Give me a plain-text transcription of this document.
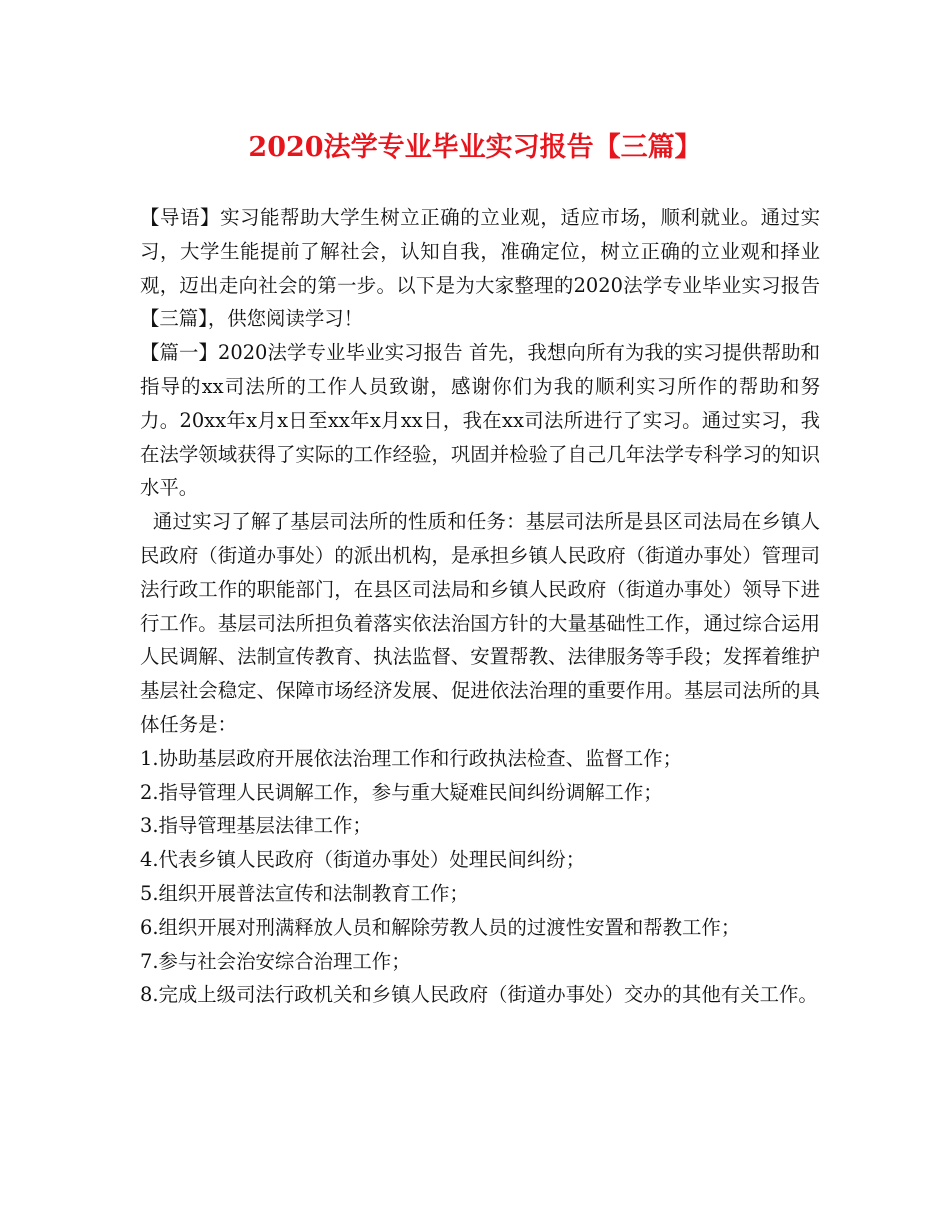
2020法学专业毕业实习报告【三篇】

【导语】实习能帮助大学生树立正确的立业观，适应市场，顺利就业。通过实习，大学生能提前了解社会，认知自我，准确定位，树立正确的立业观和择业观，迈出走向社会的第一步。以下是为大家整理的2020法学专业毕业实习报告【三篇】，供您阅读学习！

【篇一】2020法学专业毕业实习报告 首先，我想向所有为我的实习提供帮助和指导的xx司法所的工作人员致谢，感谢你们为我的顺利实习所作的帮助和努力。20xx年x月x日至xx年x月xx日，我在xx司法所进行了实习。通过实习，我在法学领域获得了实际的工作经验，巩固并检验了自己几年法学专科学习的知识水平。

通过实习了解了基层司法所的性质和任务：基层司法所是县区司法局在乡镇人民政府（街道办事处）的派出机构，是承担乡镇人民政府（街道办事处）管理司法行政工作的职能部门，在县区司法局和乡镇人民政府（街道办事处）领导下进行工作。基层司法所担负着落实依法治国方针的大量基础性工作，通过综合运用人民调解、法制宣传教育、执法监督、安置帮教、法律服务等手段；发挥着维护基层社会稳定、保障市场经济发展、促进依法治理的重要作用。基层司法所的具体任务是：

1.协助基层政府开展依法治理工作和行政执法检查、监督工作；

2.指导管理人民调解工作，参与重大疑难民间纠纷调解工作；

3.指导管理基层法律工作；

4.代表乡镇人民政府（街道办事处）处理民间纠纷；

5.组织开展普法宣传和法制教育工作；

6.组织开展对刑满释放人员和解除劳教人员的过渡性安置和帮教工作；

7.参与社会治安综合治理工作；

8.完成上级司法行政机关和乡镇人民政府（街道办事处）交办的其他有关工作。
